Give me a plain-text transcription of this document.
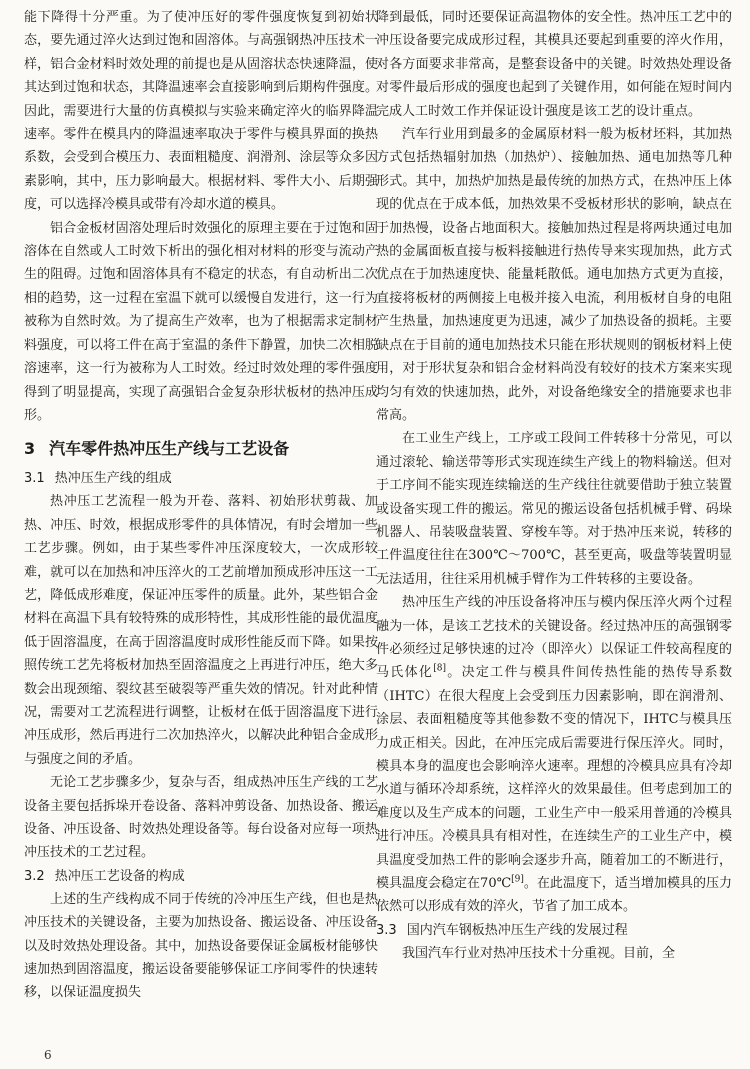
能下降得十分严重。为了使冲压好的零件强度恢复到初始状态，要先通过淬火达到过饱和固溶体。与高强钢热冲压技术一样，铝合金材料时效处理的前提也是从固溶状态快速降温，使其达到过饱和状态，其降温速率会直接影响到后期构件强度。因此，需要进行大量的仿真模拟与实验来确定淬火的临界降温速率。零件在模具内的降温速率取决于零件与模具界面的换热系数，会受到合模压力、表面粗糙度、润滑剂、涂层等众多因素影响，其中，压力影响最大。根据材料、零件大小、后期强度，可以选择冷模具或带有冷却水道的模具。

铝合金板材固溶处理后时效强化的原理主要在于过饱和固溶体在自然或人工时效下析出的强化相对材料的形变与流动产生的阻碍。过饱和固溶体具有不稳定的状态，有自动析出二次相的趋势，这一过程在室温下就可以缓慢自发进行，这一行为被称为自然时效。为了提高生产效率，也为了根据需求定制材料强度，可以将工件在高于室温的条件下静置，加快二次相脱溶速率，这一行为被称为人工时效。经过时效处理的零件强度得到了明显提高，实现了高强铝合金复杂形状板材的热冲压成形。

3 汽车零件热冲压生产线与工艺设备
3.1 热冲压生产线的组成

热冲压工艺流程一般为开卷、落料、初始形状剪裁、加热、冲压、时效，根据成形零件的具体情况，有时会增加一些工艺步骤。例如，由于某些零件冲压深度较大，一次成形较难，就可以在加热和冲压淬火的工艺前增加预成形冲压这一工艺，降低成形难度，保证冲压零件的质量。此外，某些铝合金材料在高温下具有较特殊的成形特性，其成形性能的最优温度低于固溶温度，在高于固溶温度时成形性能反而下降。如果按照传统工艺先将板材加热至固溶温度之上再进行冲压，绝大多数会出现颈缩、裂纹甚至破裂等严重失效的情况。针对此种情况，需要对工艺流程进行调整，让板材在低于固溶温度下进行冲压成形，然后再进行二次加热淬火，以解决此种铝合金成形与强度之间的矛盾。

无论工艺步骤多少，复杂与否，组成热冲压生产线的工艺设备主要包括拆垛开卷设备、落料冲剪设备、加热设备、搬运设备、冲压设备、时效热处理设备等。每台设备对应每一项热冲压技术的工艺过程。

3.2 热冲压工艺设备的构成

上述的生产线构成不同于传统的冷冲压生产线，但也是热冲压技术的关键设备，主要为加热设备、搬运设备、冲压设备以及时效热处理设备。其中，加热设备要保证金属板材能够快速加热到固溶温度，搬运设备要能够保证工序间零件的快速转移，以保证温度损失

降到最低，同时还要保证高温物体的安全性。热冲压工艺中的冲压设备要完成成形过程，其模具还要起到重要的淬火作用，对各方面要求非常高，是整套设备中的关键。时效热处理设备对零件最后形成的强度也起到了关键作用，如何能在短时间内完成人工时效工作并保证设计强度是该工艺的设计重点。

汽车行业用到最多的金属原材料一般为板材坯料，其加热方式包括热辐射加热（加热炉）、接触加热、通电加热等几种形式。其中，加热炉加热是最传统的加热方式，在热冲压上体现的优点在于成本低，加热效果不受板材形状的影响，缺点在于加热慢，设备占地面积大。接触加热过程是将两块通过电加热的金属面板直接与板料接触进行热传导来实现加热，此方式优点在于加热速度快、能量耗散低。通电加热方式更为直接，直接将板材的两侧接上电极并接入电流，利用板材自身的电阻产生热量，加热速度更为迅速，减少了加热设备的损耗。主要缺点在于目前的通电加热技术只能在形状规则的钢板材料上使用，对于形状复杂和铝合金材料尚没有较好的技术方案来实现均匀有效的快速加热，此外，对设备绝缘安全的措施要求也非常高。

在工业生产线上，工序或工段间工件转移十分常见，可以通过滚轮、输送带等形式实现连续生产线上的物料输送。但对于工序间不能实现连续输送的生产线往往就要借助于独立装置或设备实现工件的搬运。常见的搬运设备包括机械手臂、码垛机器人、吊装吸盘装置、穿梭车等。对于热冲压来说，转移的工件温度往往在300℃～700℃，甚至更高，吸盘等装置明显无法适用，往往采用机械手臂作为工件转移的主要设备。

热冲压生产线的冲压设备将冲压与模内保压淬火两个过程融为一体，是该工艺技术的关键设备。经过热冲压的高强钢零件必须经过足够快速的过冷（即淬火）以保证工件较高程度的马氏体化[8]。决定工件与模具件间传热性能的热传导系数（IHTC）在很大程度上会受到压力因素影响，即在润滑剂、涂层、表面粗糙度等其他参数不变的情况下，IHTC与模具压力成正相关。因此，在冲压完成后需要进行保压淬火。同时，模具本身的温度也会影响淬火速率。理想的冷模具应具有冷却水道与循环冷却系统，这样淬火的效果最佳。但考虑到加工的难度以及生产成本的问题，工业生产中一般采用普通的冷模具进行冲压。冷模具具有相对性，在连续生产的工业生产中，模具温度受加热工件的影响会逐步升高，随着加工的不断进行，模具温度会稳定在70℃[9]。在此温度下，适当增加模具的压力依然可以形成有效的淬火，节省了加工成本。

3.3 国内汽车钢板热冲压生产线的发展过程

我国汽车行业对热冲压技术十分重视。目前，全

6
